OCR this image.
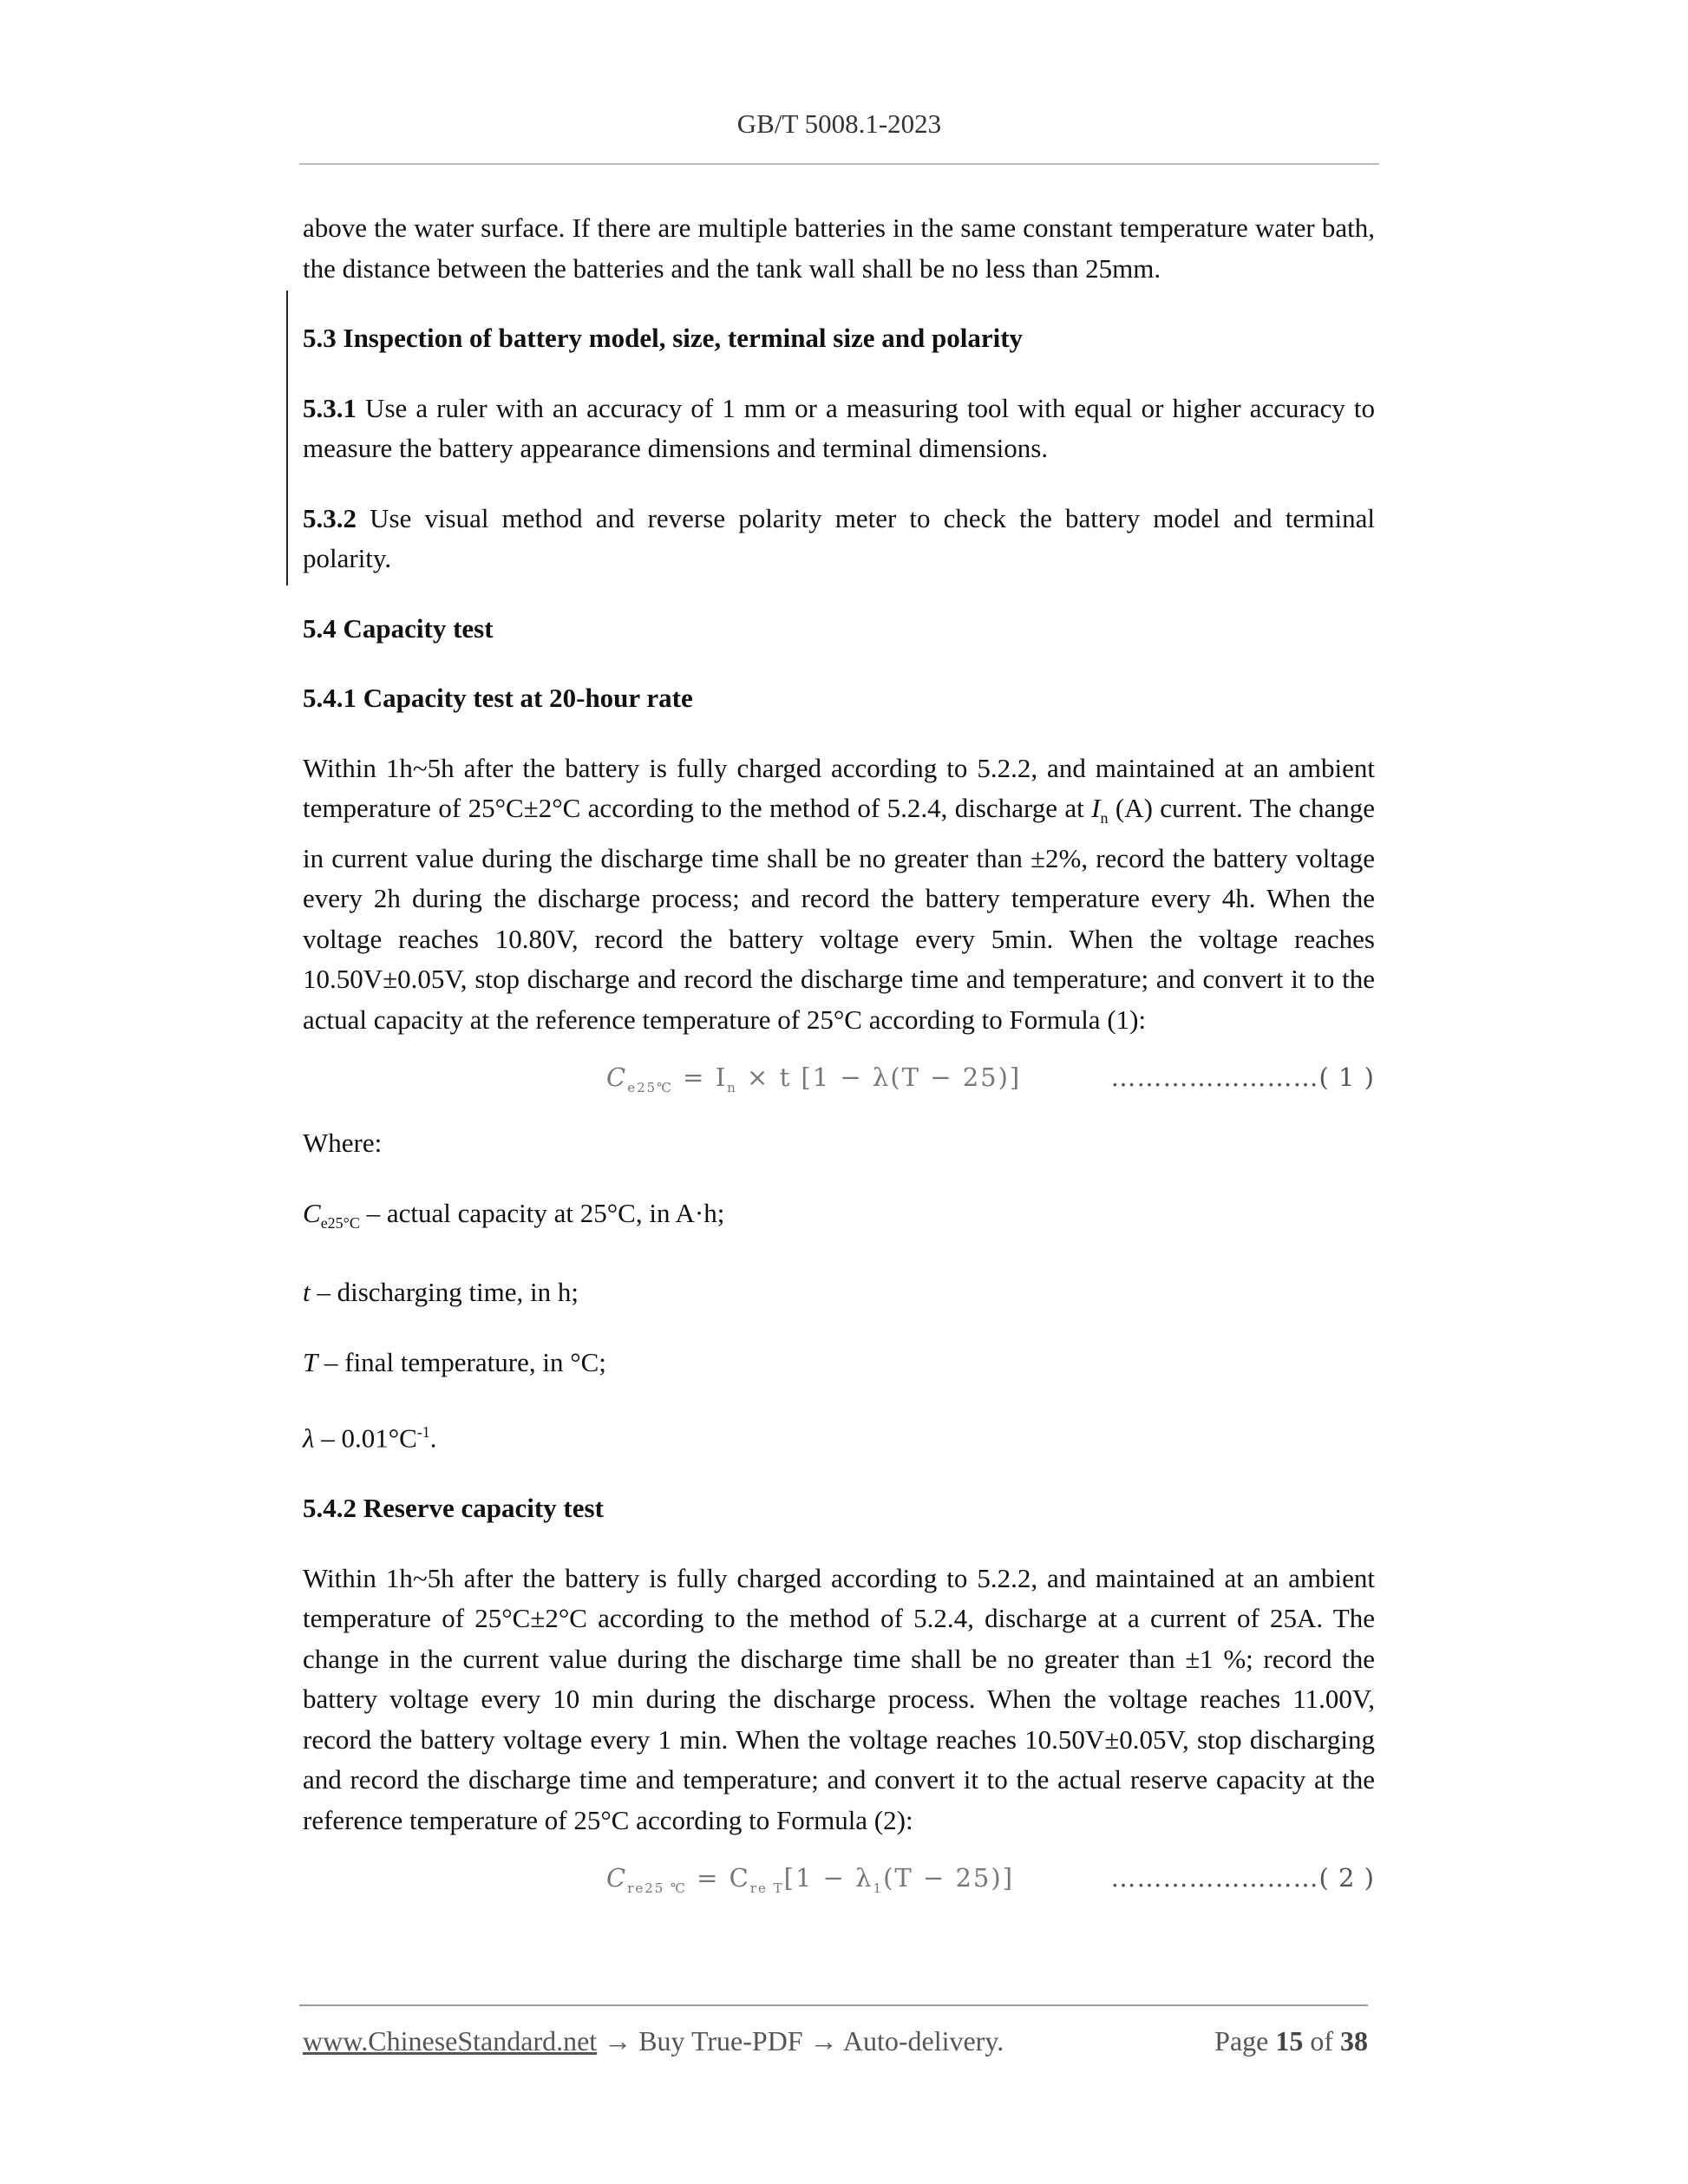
GB/T 5008.1-2023

above the water surface. If there are multiple batteries in the same constant temperature water bath, the distance between the batteries and the tank wall shall be no less than 25mm.

5.3 Inspection of battery model, size, terminal size and polarity

5.3.1 Use a ruler with an accuracy of 1 mm or a measuring tool with equal or higher accuracy to measure the battery appearance dimensions and terminal dimensions.

5.3.2 Use visual method and reverse polarity meter to check the battery model and terminal polarity.

5.4 Capacity test

5.4.1 Capacity test at 20-hour rate

Within 1h~5h after the battery is fully charged according to 5.2.2, and maintained at an ambient temperature of 25°C±2°C according to the method of 5.2.4, discharge at $I_n$ (A) current. The change in current value during the discharge time shall be no greater than ±2%, record the battery voltage every 2h during the discharge process; and record the battery temperature every 4h. When the voltage reaches 10.80V, record the battery voltage every 5min. When the voltage reaches 10.50V±0.05V, stop discharge and record the discharge time and temperature; and convert it to the actual capacity at the reference temperature of 25°C according to Formula (1):

$C_{e25℃} = I_n \times t$ [1 − λ(T − 25)]	……………………( 1 )

Where:

$C_{e25^\circ C}$ – actual capacity at 25°C, in A·h;

t – discharging time, in h;

T – final temperature, in °C;

λ – $0.01^\circ C^{-1}$.

5.4.2 Reserve capacity test

Within 1h~5h after the battery is fully charged according to 5.2.2, and maintained at an ambient temperature of 25°C±2°C according to the method of 5.2.4, discharge at a current of 25A. The change in the current value during the discharge time shall be no greater than ±1 %; record the battery voltage every 10 min during the discharge process. When the voltage reaches 11.00V, record the battery voltage every 1 min. When the voltage reaches 10.50V±0.05V, stop discharging and record the discharge time and temperature; and convert it to the actual reserve capacity at the reference temperature of 25°C according to Formula (2):

$C_{re25 ℃} = C_{re T}[1 - \lambda_1(T - 25)]$	……………………( 2 )
www.ChineseStandard.net → Buy True-PDF → Auto-delivery.	Page 15 of 38
